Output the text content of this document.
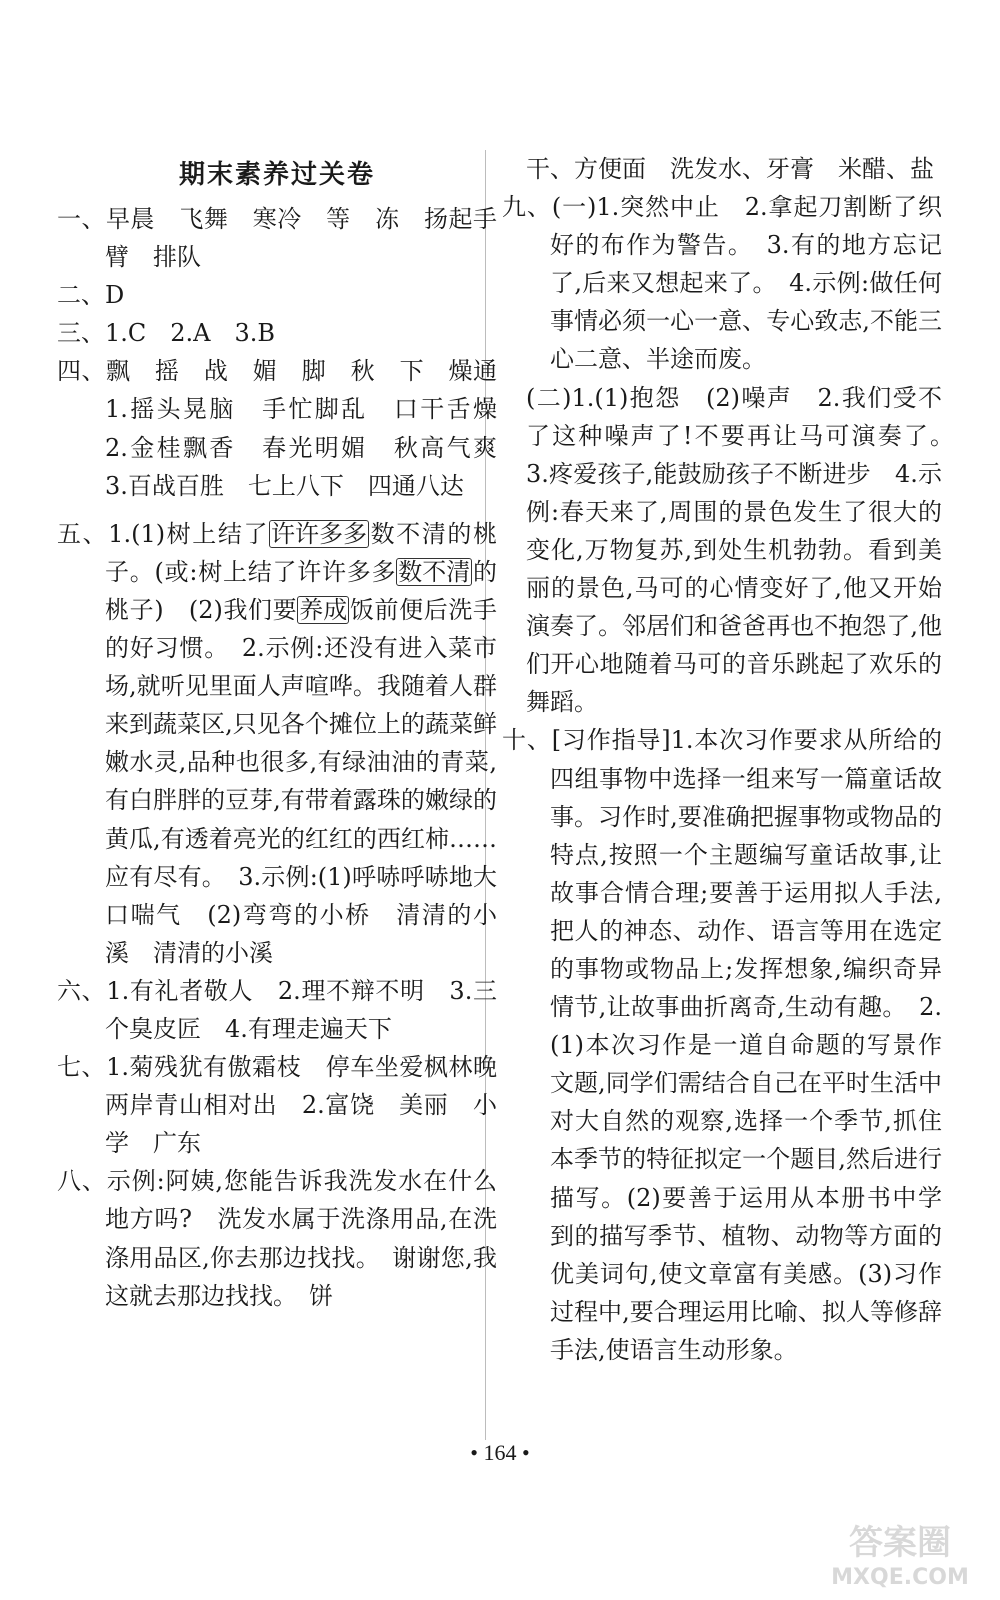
期末素养过关卷

一、早晨　飞舞　寒冷　等　冻　扬起手臂　排队

二、D

三、1.C　2.A　3.B

四、飘　摇　战　媚　脚　秋　下　燥通　1.摇头晃脑　手忙脚乱　口干舌燥　2.金桂飘香　春光明媚　秋高气爽　3.百战百胜　七上八下　四通八达

五、1.(1)树上结了许许多多数不清的桃子。(或:树上结了许许多多数不清的桃子)　(2)我们要养成饭前便后洗手的好习惯。　2.示例:还没有进入菜市场,就听见里面人声喧哗。我随着人群来到蔬菜区,只见各个摊位上的蔬菜鲜嫩水灵,品种也很多,有绿油油的青菜,有白胖胖的豆芽,有带着露珠的嫩绿的黄瓜,有透着亮光的红红的西红柿……应有尽有。　3.示例:(1)呼哧呼哧地大口喘气　(2)弯弯的小桥　清清的小溪　清清的小溪

六、1.有礼者敬人　2.理不辩不明　3.三个臭皮匠　4.有理走遍天下

七、1.菊残犹有傲霜枝　停车坐爱枫林晚　两岸青山相对出　2.富饶　美丽　小学　广东

八、示例:阿姨,您能告诉我洗发水在什么地方吗?　洗发水属于洗涤用品,在洗涤用品区,你去那边找找。　谢谢您,我这就去那边找找。　饼

干、方便面　洗发水、牙膏　米醋、盐

九、(一)1.突然中止　2.拿起刀割断了织好的布作为警告。　3.有的地方忘记了,后来又想起来了。　4.示例:做任何事情必须一心一意、专心致志,不能三心二意、半途而废。

(二)1.(1)抱怨　(2)噪声　2.我们受不了这种噪声了!不要再让马可演奏了。　3.疼爱孩子,能鼓励孩子不断进步　4.示例:春天来了,周围的景色发生了很大的变化,万物复苏,到处生机勃勃。看到美丽的景色,马可的心情变好了,他又开始演奏了。邻居们和爸爸再也不抱怨了,他们开心地随着马可的音乐跳起了欢乐的舞蹈。

十、[习作指导]1.本次习作要求从所给的四组事物中选择一组来写一篇童话故事。习作时,要准确把握事物或物品的特点,按照一个主题编写童话故事,让故事合情合理;要善于运用拟人手法,把人的神态、动作、语言等用在选定的事物或物品上;发挥想象,编织奇异情节,让故事曲折离奇,生动有趣。　2.(1)本次习作是一道自命题的写景作文题,同学们需结合自己在平时生活中对大自然的观察,选择一个季节,抓住本季节的特征拟定一个题目,然后进行描写。(2)要善于运用从本册书中学到的描写季节、植物、动物等方面的优美词句,使文章富有美感。(3)习作过程中,要合理运用比喻、拟人等修辞手法,使语言生动形象。

• 164 •
答案圈
MXQE.COM
